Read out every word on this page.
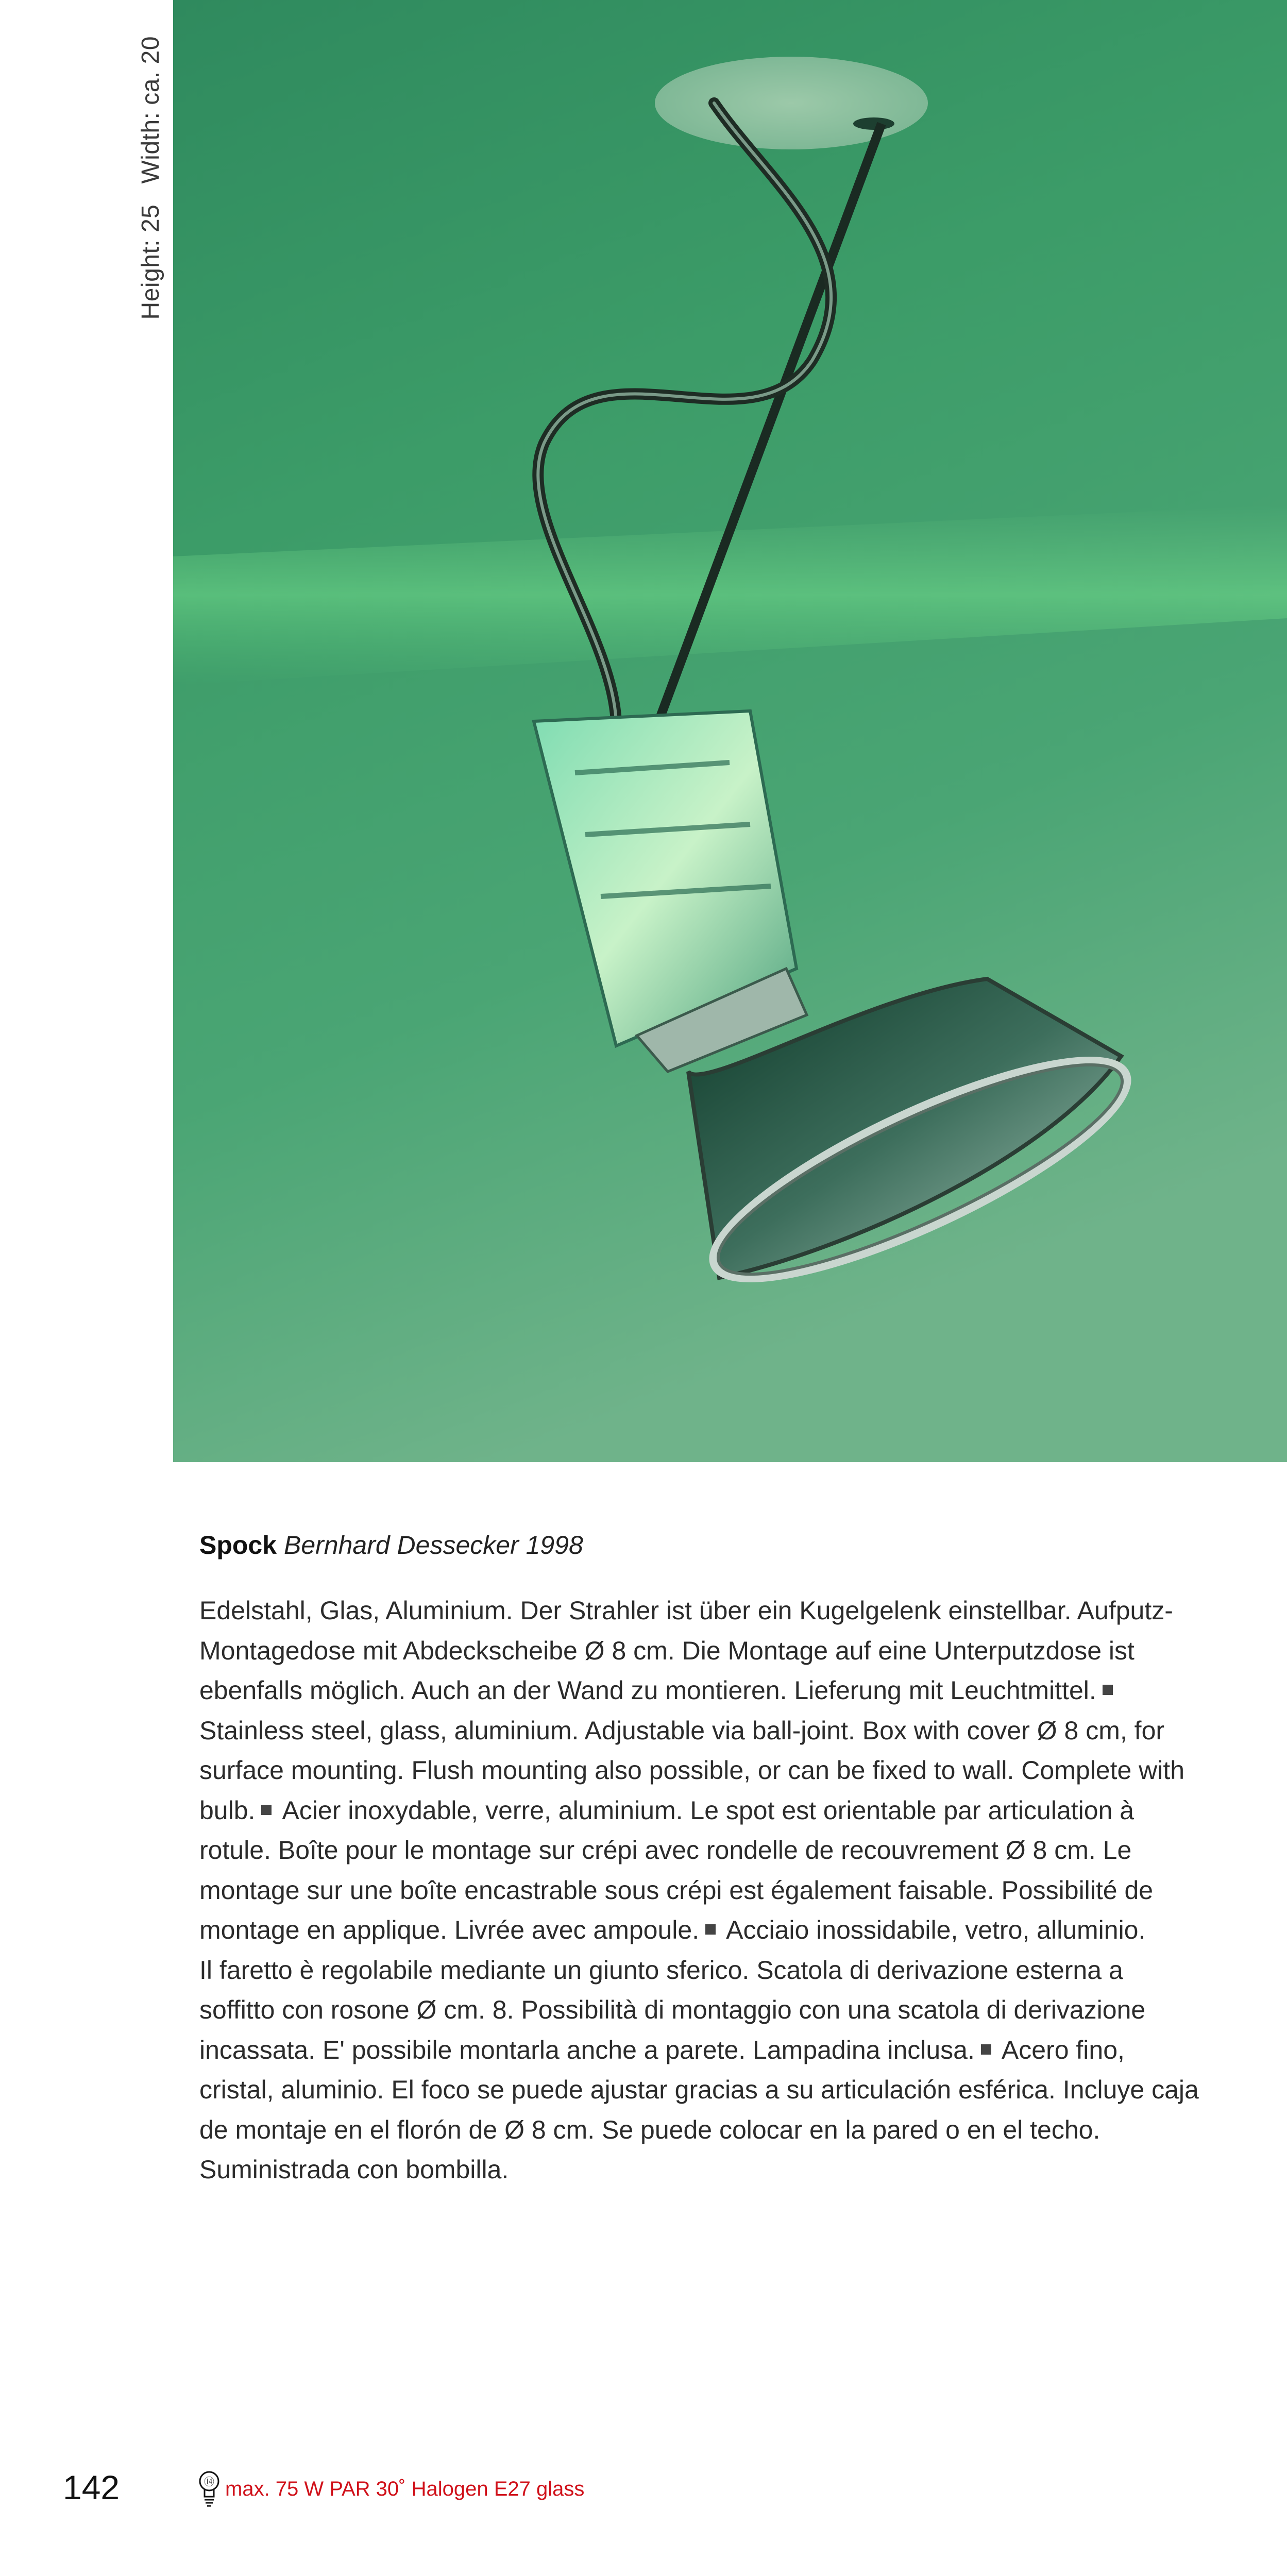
Height: 25
Width: ca. 20
Spock Bernhard Dessecker 1998
Edelstahl, Glas, Aluminium. Der Strahler ist über ein Kugelgelenk einstellbar. Aufputz-
Montagedose mit Abdeckscheibe Ø 8 cm. Die Montage auf eine Unterputzdose ist
ebenfalls möglich. Auch an der Wand zu montieren. Lieferung mit Leuchtmittel.
Stainless steel, glass, aluminium. Adjustable via ball-joint. Box with cover Ø 8 cm, for
surface mounting. Flush mounting also possible, or can be fixed to wall. Complete with
bulb. Acier inoxydable, verre, aluminium. Le spot est orientable par articulation à
rotule. Boîte pour le montage sur crépi avec rondelle de recouvrement Ø 8 cm. Le
montage sur une boîte encastrable sous crépi est également faisable. Possibilité de
montage en applique. Livrée avec ampoule. Acciaio inossidabile, vetro, alluminio.
Il faretto è regolabile mediante un giunto sferico. Scatola di derivazione esterna a
soffitto con rosone Ø cm. 8. Possibilità di montaggio con una scatola di derivazione
incassata. E' possibile montarla anche a parete. Lampadina inclusa. Acero fino,
cristal, aluminio. El foco se puede ajustar gracias a su articulación esférica. Incluye caja
de montaje en el florón de Ø 8 cm. Se puede colocar en la pared o en el techo.
Suministrada con bombilla.
142	⑭ max. 75 W PAR 30˚ Halogen E27 glass
